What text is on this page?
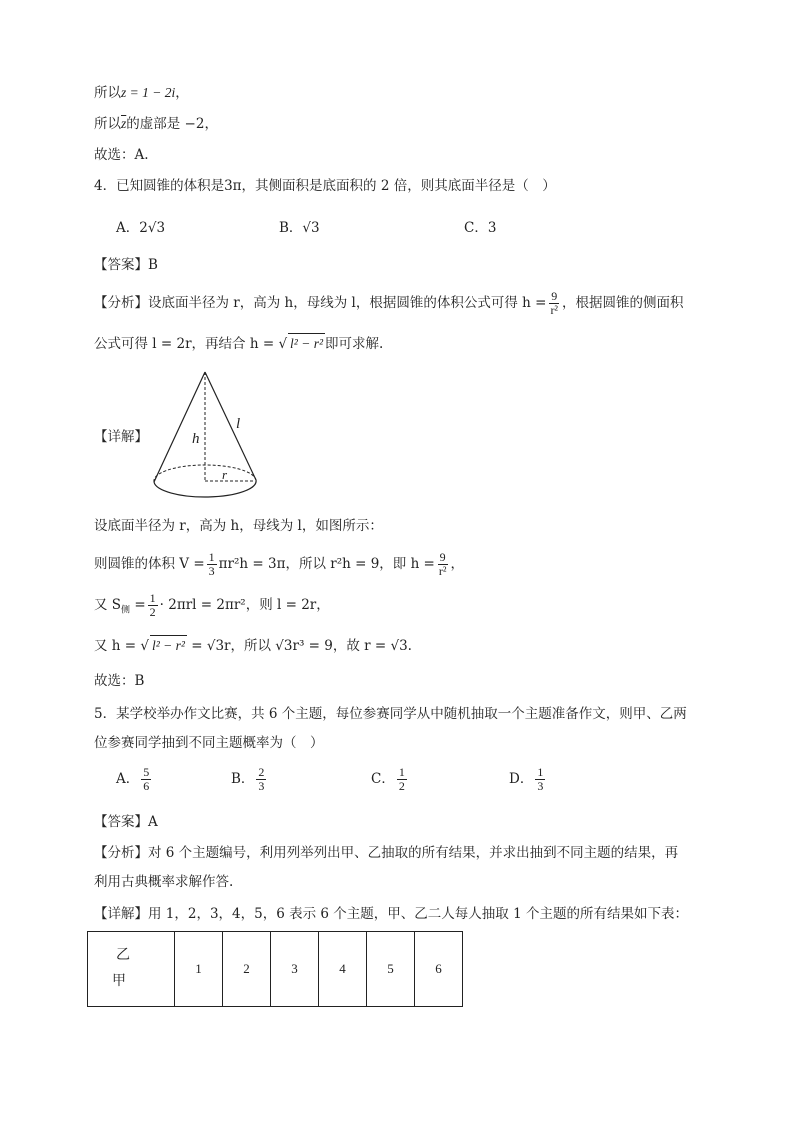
所以z = 1 − 2i，
所以$\overline{z}$的虚部是 −2，
故选：A.
4．已知圆锥的体积是3π，其侧面积是底面积的 2 倍，则其底面半径是（　）
A．2√3	B．√3	C．3
【答案】B
【分析】设底面半径为 r，高为 h，母线为 l，根据圆锥的体积公式可得 $h = \frac{9}{\text{r²}}$ ，根据圆锥的侧面积
公式可得 l = 2r，再结合 h = √ l² − r² 即可求解.
【详解】	h
l
r
设底面半径为 r，高为 h，母线为 l，如图所示：
则圆锥的体积 $V = \frac{1}{3} \pi r^2h = 3\pi$，所以 r²h = 9，即 $h = \frac{9}{\text{r²}}$ ，
又 $S_侧 = \frac{1}{2} \cdot 2\pi rl = 2\pi r^2$，则 l = 2r，
又 h = √ l² − r² = √3r，所以 √3r³ = 9，故 r = √3.
故选：B
5．某学校举办作文比赛，共 6 个主题，每位参赛同学从中随机抽取一个主题准备作文，则甲、乙两
位参赛同学抽到不同主题概率为（　）
A． $\frac{5}{6}$	B． $\frac{2}{3}$	C． $\frac{1}{2}$	D． $\frac{1}{3}$
【答案】A
【分析】对 6 个主题编号，利用列举列出甲、乙抽取的所有结果，并求出抽到不同主题的结果，再
利用古典概率求解作答.
【详解】用 1，2，3，4，5，6 表示 6 个主题，甲、乙二人每人抽取 1 个主题的所有结果如下表：
乙
甲
	1	2	3	4	5	6
